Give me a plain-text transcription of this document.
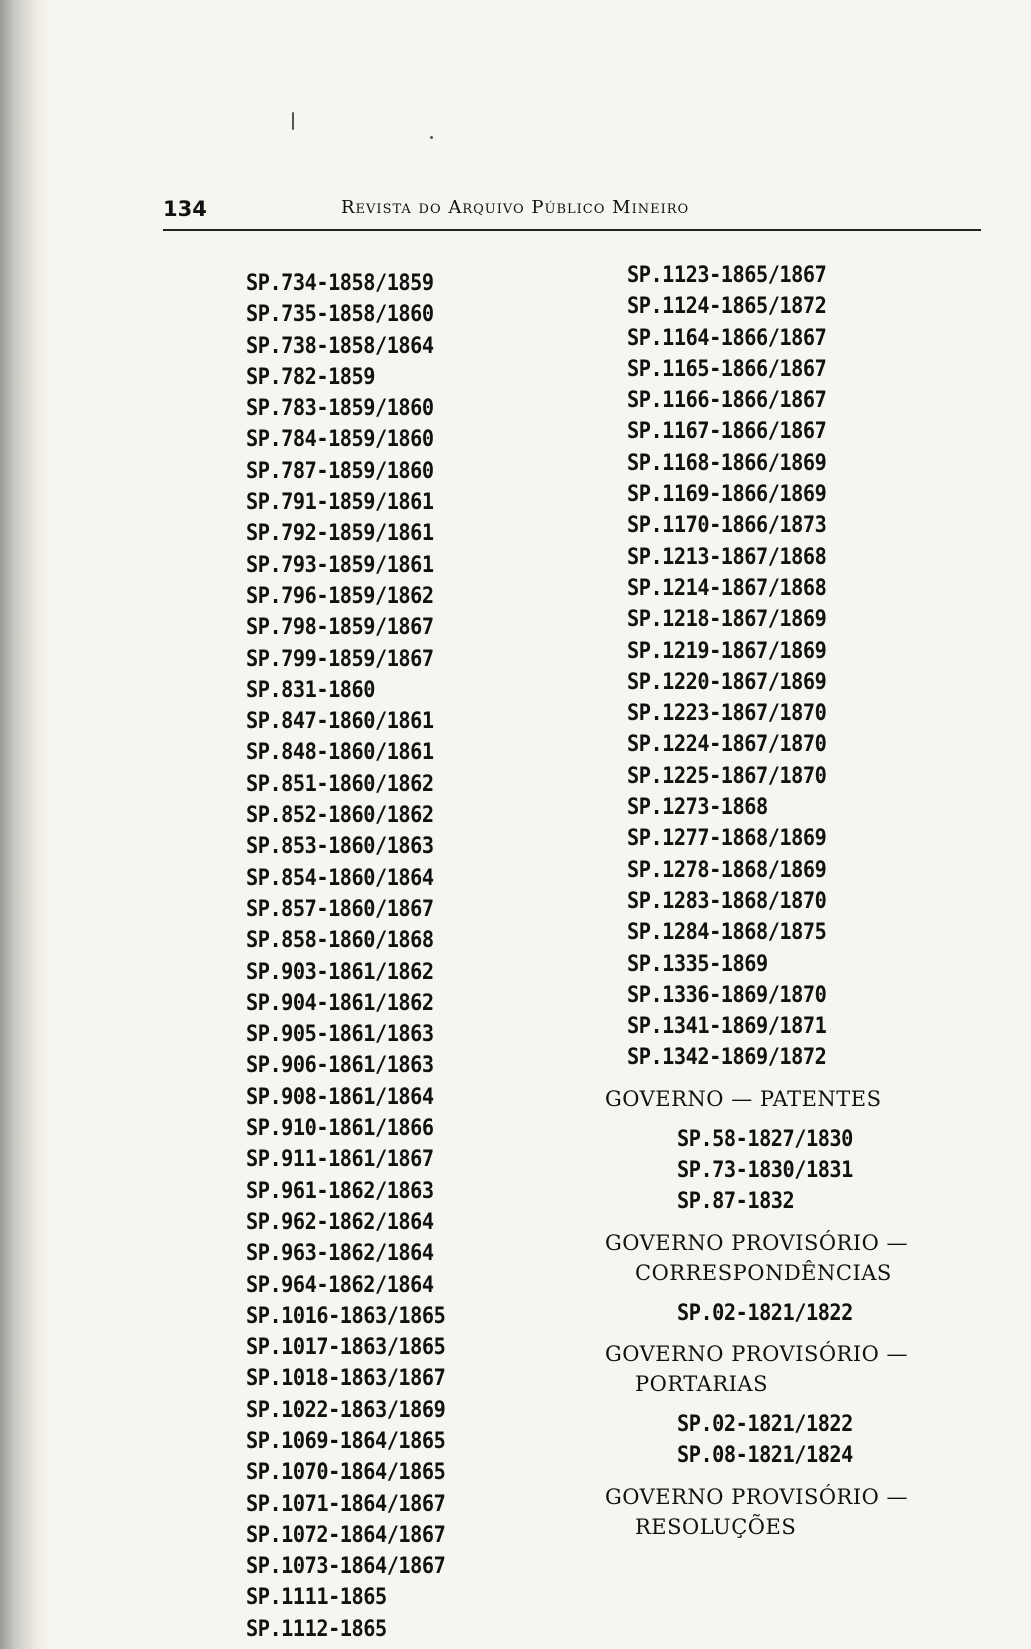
134	Revista do Arquivo Público Mineiro
SP.734-1858/1859
SP.735-1858/1860
SP.738-1858/1864
SP.782-1859
SP.783-1859/1860
SP.784-1859/1860
SP.787-1859/1860
SP.791-1859/1861
SP.792-1859/1861
SP.793-1859/1861
SP.796-1859/1862
SP.798-1859/1867
SP.799-1859/1867
SP.831-1860
SP.847-1860/1861
SP.848-1860/1861
SP.851-1860/1862
SP.852-1860/1862
SP.853-1860/1863
SP.854-1860/1864
SP.857-1860/1867
SP.858-1860/1868
SP.903-1861/1862
SP.904-1861/1862
SP.905-1861/1863
SP.906-1861/1863
SP.908-1861/1864
SP.910-1861/1866
SP.911-1861/1867
SP.961-1862/1863
SP.962-1862/1864
SP.963-1862/1864
SP.964-1862/1864
SP.1016-1863/1865
SP.1017-1863/1865
SP.1018-1863/1867
SP.1022-1863/1869
SP.1069-1864/1865
SP.1070-1864/1865
SP.1071-1864/1867
SP.1072-1864/1867
SP.1073-1864/1867
SP.1111-1865
SP.1112-1865
SP.1123-1865/1867
SP.1124-1865/1872
SP.1164-1866/1867
SP.1165-1866/1867
SP.1166-1866/1867
SP.1167-1866/1867
SP.1168-1866/1869
SP.1169-1866/1869
SP.1170-1866/1873
SP.1213-1867/1868
SP.1214-1867/1868
SP.1218-1867/1869
SP.1219-1867/1869
SP.1220-1867/1869
SP.1223-1867/1870
SP.1224-1867/1870
SP.1225-1867/1870
SP.1273-1868
SP.1277-1868/1869
SP.1278-1868/1869
SP.1283-1868/1870
SP.1284-1868/1875
SP.1335-1869
SP.1336-1869/1870
SP.1341-1869/1871
SP.1342-1869/1872
GOVERNO — PATENTES
SP.58-1827/1830
SP.73-1830/1831
SP.87-1832
GOVERNO PROVISÓRIO —
CORRESPONDÊNCIAS
SP.02-1821/1822
GOVERNO PROVISÓRIO —
PORTARIAS
SP.02-1821/1822
SP.08-1821/1824
GOVERNO PROVISÓRIO —
RESOLUÇÕES
